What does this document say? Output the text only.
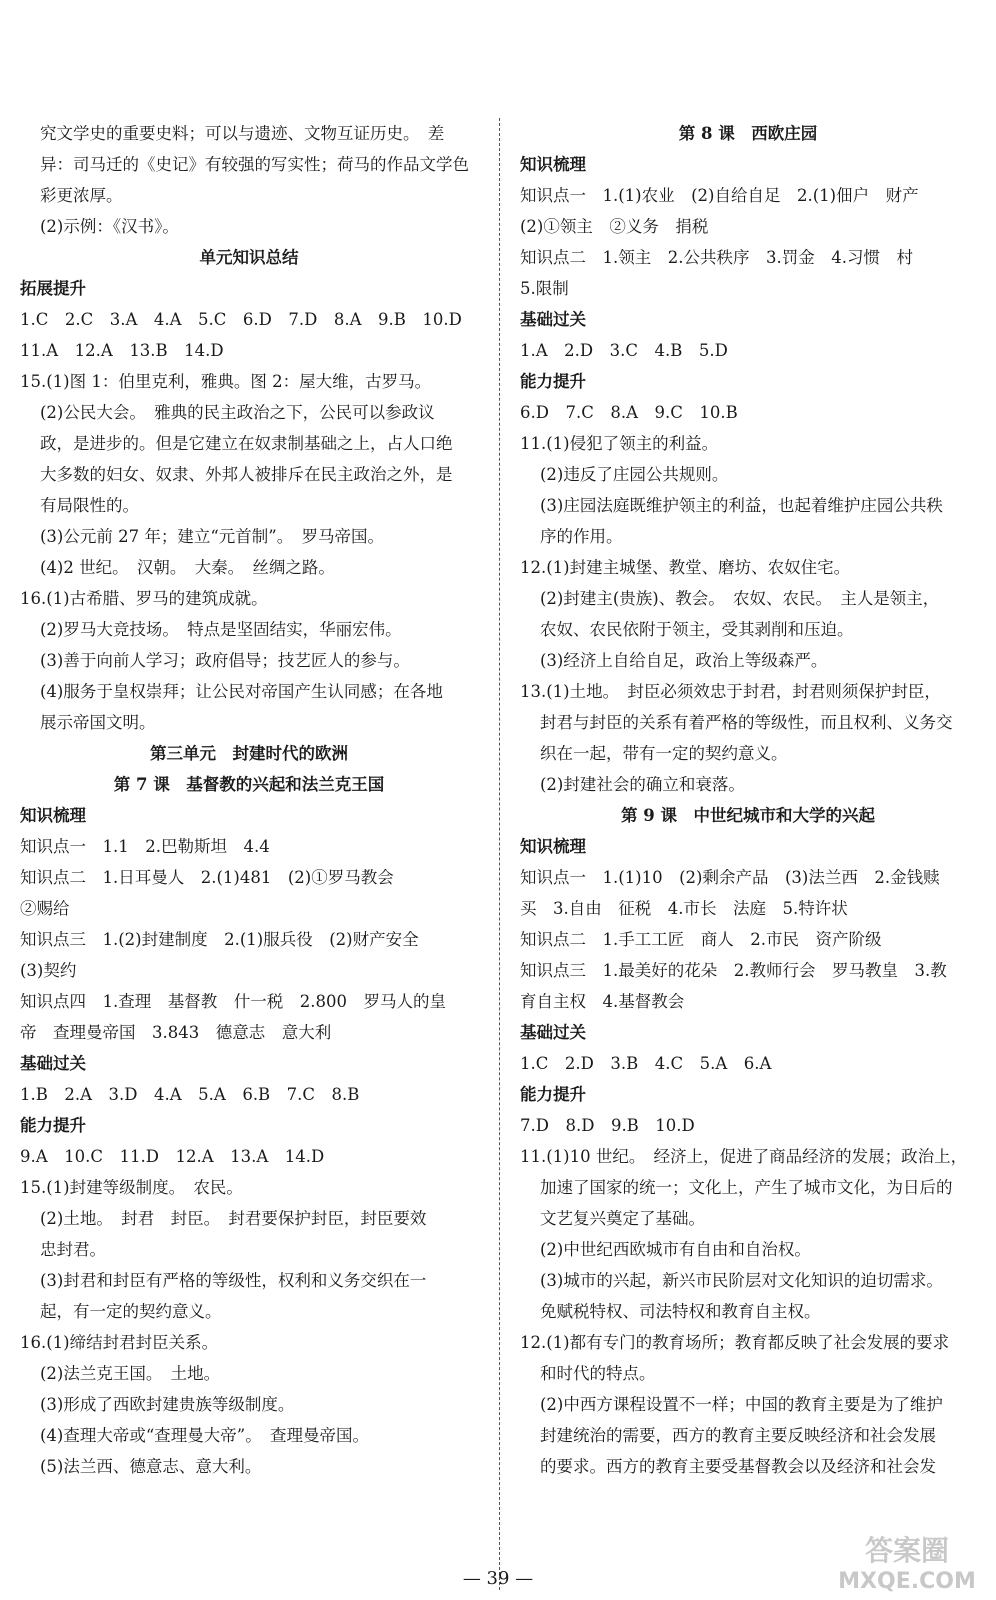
究文学史的重要史料；可以与遗迹、文物互证历史。　差
异：司马迁的《史记》有较强的写实性；荷马的作品文学色
彩更浓厚。
(2)示例：《汉书》。
单元知识总结
拓展提升
1.C　2.C　3.A　4.A　5.C　6.D　7.D　8.A　9.B　10.D
11.A　12.A　13.B　14.D
15.(1)图 1：伯里克利，雅典。图 2：屋大维，古罗马。
(2)公民大会。　雅典的民主政治之下，公民可以参政议
政，是进步的。但是它建立在奴隶制基础之上，占人口绝
大多数的妇女、奴隶、外邦人被排斥在民主政治之外，是
有局限性的。
(3)公元前 27 年；建立“元首制”。　罗马帝国。
(4)2 世纪。　汉朝。　大秦。　丝绸之路。
16.(1)古希腊、罗马的建筑成就。
(2)罗马大竞技场。　特点是坚固结实，华丽宏伟。
(3)善于向前人学习；政府倡导；技艺匠人的参与。
(4)服务于皇权崇拜；让公民对帝国产生认同感；在各地
展示帝国文明。
第三单元　封建时代的欧洲
第 7 课　基督教的兴起和法兰克王国
知识梳理
知识点一　1.1　2.巴勒斯坦　4.4
知识点二　1.日耳曼人　2.(1)481　(2)①罗马教会
②赐给
知识点三　1.(2)封建制度　2.(1)服兵役　(2)财产安全
(3)契约
知识点四　1.查理　基督教　什一税　2.800　罗马人的皇
帝　查理曼帝国　3.843　德意志　意大利
基础过关
1.B　2.A　3.D　4.A　5.A　6.B　7.C　8.B
能力提升
9.A　10.C　11.D　12.A　13.A　14.D
15.(1)封建等级制度。　农民。
(2)土地。　封君　封臣。　封君要保护封臣，封臣要效
忠封君。
(3)封君和封臣有严格的等级性，权利和义务交织在一
起，有一定的契约意义。
16.(1)缔结封君封臣关系。
(2)法兰克王国。　土地。
(3)形成了西欧封建贵族等级制度。
(4)查理大帝或“查理曼大帝”。　查理曼帝国。
(5)法兰西、德意志、意大利。
第 8 课　西欧庄园
知识梳理
知识点一　1.(1)农业　(2)自给自足　2.(1)佃户　财产
(2)①领主　②义务　捐税
知识点二　1.领主　2.公共秩序　3.罚金　4.习惯　村
5.限制
基础过关
1.A　2.D　3.C　4.B　5.D
能力提升
6.D　7.C　8.A　9.C　10.B
11.(1)侵犯了领主的利益。
(2)违反了庄园公共规则。
(3)庄园法庭既维护领主的利益，也起着维护庄园公共秩
序的作用。
12.(1)封建主城堡、教堂、磨坊、农奴住宅。
(2)封建主(贵族)、教会。　农奴、农民。　主人是领主，
农奴、农民依附于领主，受其剥削和压迫。
(3)经济上自给自足，政治上等级森严。
13.(1)土地。　封臣必须效忠于封君，封君则须保护封臣，
封君与封臣的关系有着严格的等级性，而且权利、义务交
织在一起，带有一定的契约意义。
(2)封建社会的确立和衰落。
第 9 课　中世纪城市和大学的兴起
知识梳理
知识点一　1.(1)10　(2)剩余产品　(3)法兰西　2.金钱赎
买　3.自由　征税　4.市长　法庭　5.特许状
知识点二　1.手工工匠　商人　2.市民　资产阶级
知识点三　1.最美好的花朵　2.教师行会　罗马教皇　3.教
育自主权　4.基督教会
基础过关
1.C　2.D　3.B　4.C　5.A　6.A
能力提升
7.D　8.D　9.B　10.D
11.(1)10 世纪。　经济上，促进了商品经济的发展；政治上，
加速了国家的统一；文化上，产生了城市文化，为日后的
文艺复兴奠定了基础。
(2)中世纪西欧城市有自由和自治权。
(3)城市的兴起，新兴市民阶层对文化知识的迫切需求。
免赋税特权、司法特权和教育自主权。
12.(1)都有专门的教育场所；教育都反映了社会发展的要求
和时代的特点。
(2)中西方课程设置不一样；中国的教育主要是为了维护
封建统治的需要，西方的教育主要反映经济和社会发展
的要求。西方的教育主要受基督教会以及经济和社会发
— 39 —
答案圈
MXQE.COM
